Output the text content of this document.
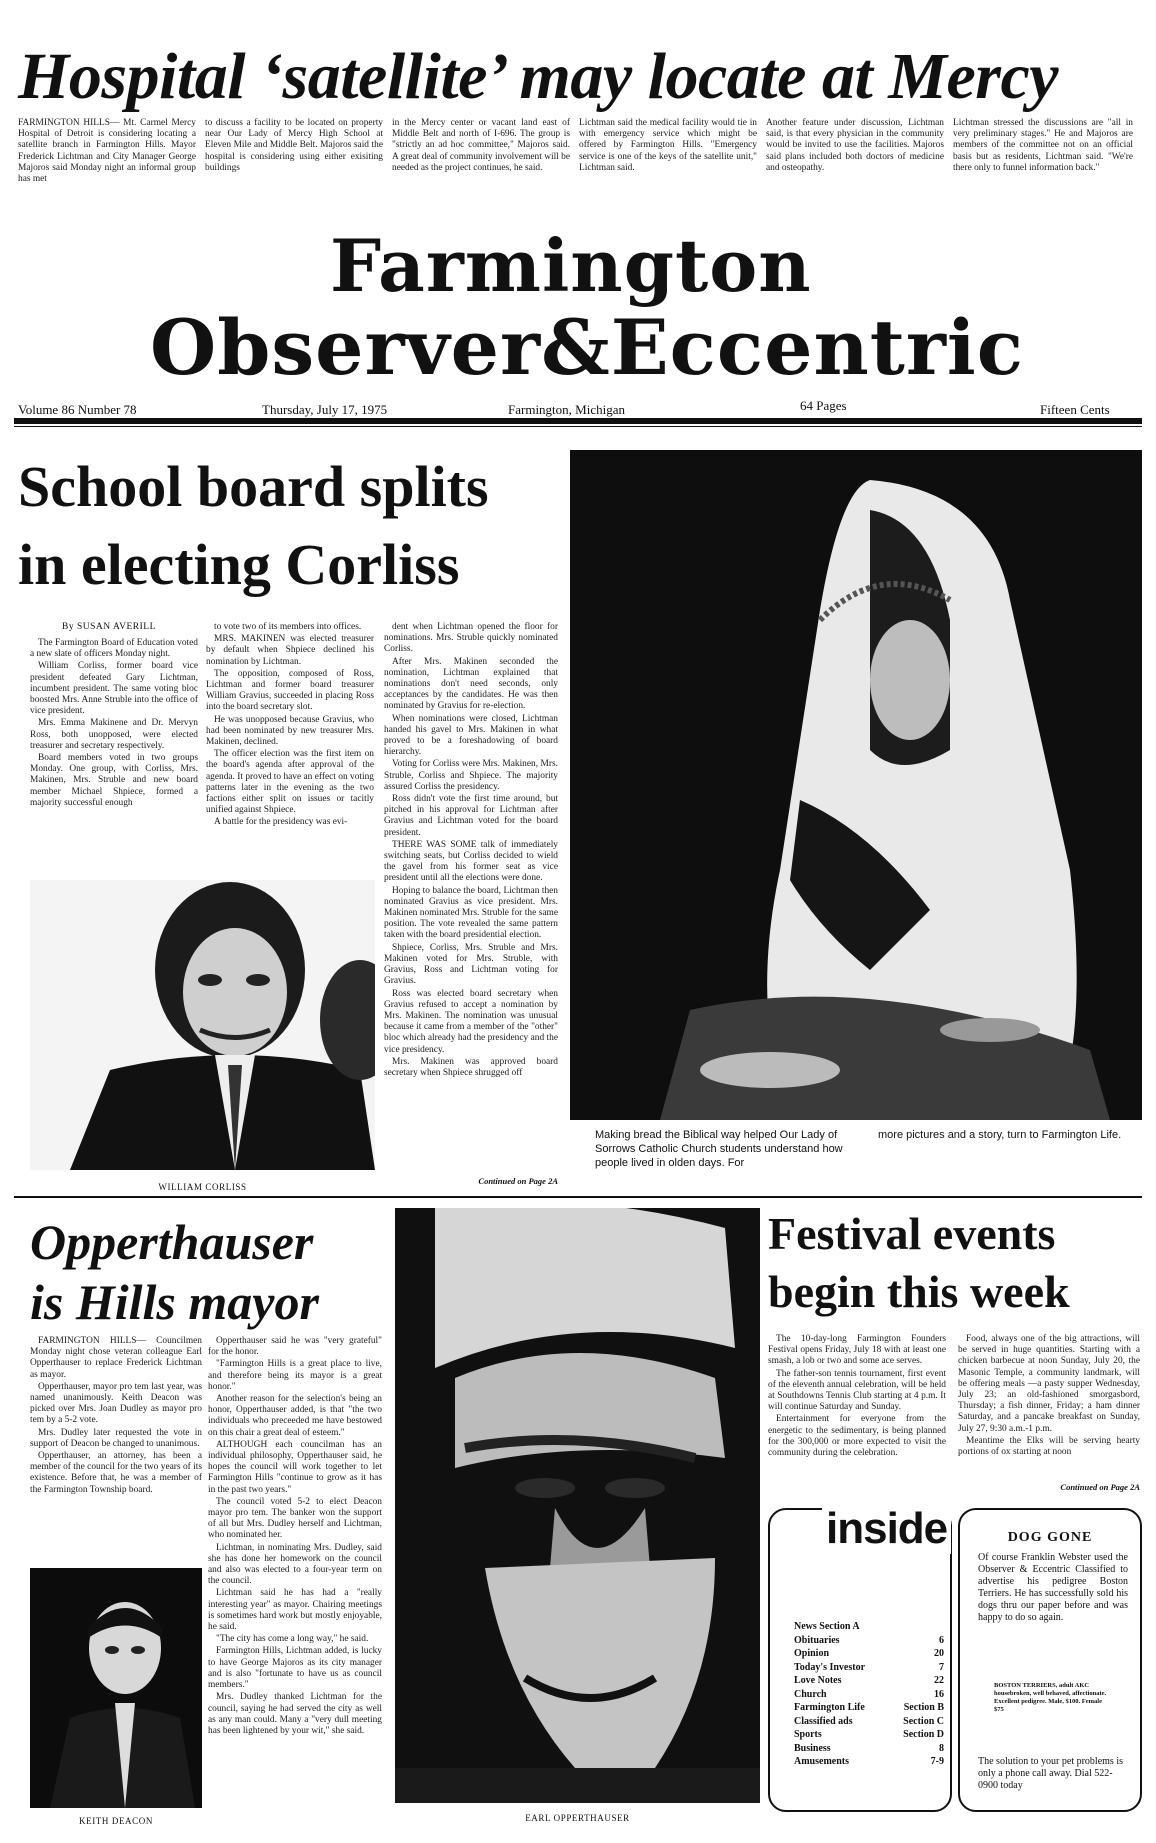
Hospital ‘satellite’ may locate at Mercy
FARMINGTON HILLS— Mt. Carmel Mercy Hospital of Detroit is considering locating a satellite branch in Farmington Hills. Mayor Frederick Lichtman and City Manager George Majoros said Monday night an informal group has met
to discuss a facility to be located on property near Our Lady of Mercy High School at Eleven Mile and Middle Belt. Majoros said the hospital is considering using either exisiting buildings
in the Mercy center or vacant land east of Middle Belt and north of I-696. The group is "strictly an ad hoc committee," Majoros said. A great deal of community involvement will be needed as the project continues, he said.
Lichtman said the medical facility would tie in with emergency service which might be offered by Farmington Hills. "Emergency service is one of the keys of the satellite unit," Lichtman said.
Another feature under discussion, Lichtman said, is that every physician in the community would be invited to use the facilities. Majoros said plans included both doctors of medicine and osteopathy.
Lichtman stressed the discussions are "all in very preliminary stages." He and Majoros are members of the committee not on an official basis but as residents, Lichtman said. "We're there only to funnel information back."
Farmington
Observer&Eccentric
Volume 86 Number 78	Thursday, July 17, 1975	Farmington, Michigan	64 Pages	Fifteen Cents
School board splits
in electing Corliss
By SUSAN AVERILL

The Farmington Board of Education voted a new slate of officers Monday night.

William Corliss, former board vice president defeated Gary Lichtman, incumbent president. The same voting bloc boosted Mrs. Anne Struble into the office of vice president.

Mrs. Emma Makinene and Dr. Mervyn Ross, both unopposed, were elected treasurer and secretary respectively.

Board members voted in two groups Monday. One group, with Corliss, Mrs. Makinen, Mrs. Struble and new board member Michael Shpiece, formed a majority successful enough

to vote two of its members into offices.

MRS. MAKINEN was elected treasurer by default when Shpiece declined his nomination by Lichtman.

The opposition, composed of Ross, Lichtman and former board treasurer William Gravius, succeeded in placing Ross into the board secretary slot.

He was unopposed because Gravius, who had been nominated by new treasurer Mrs. Makinen, declined.

The officer election was the first item on the board's agenda after approval of the agenda. It proved to have an effect on voting patterns later in the evening as the two factions either split on issues or tacitly unified against Shpiece.

A battle for the presidency was evi-

dent when Lichtman opened the floor for nominations. Mrs. Struble quickly nominated Corliss.

After Mrs. Makinen seconded the nomination, Lichtman explained that nominations don't need seconds, only acceptances by the candidates. He was then nominated by Gravius for re-election.

When nominations were closed, Lichtman handed his gavel to Mrs. Makinen in what proved to be a foreshadowing of board hierarchy.

Voting for Corliss were Mrs. Makinen, Mrs. Struble, Corliss and Shpiece. The majority assured Corliss the presidency.

Ross didn't vote the first time around, but pitched in his approval for Lichtman after Gravius and Lichtman voted for the board president.

THERE WAS SOME talk of immediately switching seats, but Corliss decided to wield the gavel from his former seat as vice president until all the elections were done.

Hoping to balance the board, Lichtman then nominated Gravius as vice president. Mrs. Makinen nominated Mrs. Struble for the same position. The vote revealed the same pattern taken with the board presidential election.

Shpiece, Corliss, Mrs. Struble and Mrs. Makinen voted for Mrs. Struble, with Gravius, Ross and Lichtman voting for Gravius.

Ross was elected board secretary when Gravius refused to accept a nomination by Mrs. Makinen. The nomination was unusual because it came from a member of the "other" bloc which already had the presidency and the vice presidency.

Mrs. Makinen was approved board secretary when Shpiece shrugged off

Continued on Page 2A
WILLIAM CORLISS
Making bread the Biblical way helped Our Lady of Sorrows Catholic Church students understand how people lived in olden days. For
more pictures and a story, turn to Farmington Life.
Opperthauser
is Hills mayor

FARMINGTON HILLS— Councilmen Monday night chose veteran colleague Earl Opperthauser to replace Frederick Lichtman as mayor.

Opperthauser, mayor pro tem last year, was named unanimously. Keith Deacon was picked over Mrs. Joan Dudley as mayor pro tem by a 5-2 vote.

Mrs. Dudley later requested the vote in support of Deacon be changed to unanimous.

Opperthauser, an attorney, has been a member of the council for the two years of its existence. Before that, he was a member of the Farmington Township board.

Opperthauser said he was "very grateful" for the honor.

"Farmington Hills is a great place to live, and therefore being its mayor is a great honor."

Another reason for the selection's being an honor, Opperthauser added, is that "the two individuals who preceeded me have bestowed on this chair a great deal of esteem."

ALTHOUGH each councilman has an individual philosophy, Opperthauser said, he hopes the council will work together to let Farmington Hills "continue to grow as it has in the past two years."

The council voted 5-2 to elect Deacon mayor pro tem. The banker won the support of all but Mrs. Dudley herself and Lichtman, who nominated her.

Lichtman, in nominating Mrs. Dudley, said she has done her homework on the council and also was elected to a four-year term on the council.

Lichtman said he has had a "really interesting year" as mayor. Chairing meetings is sometimes hard work but mostly enjoyable, he said.

"The city has come a long way," he said.

Farmington Hills, Lichtman added, is lucky to have George Majoros as its city manager and is also "fortunate to have us as council members."

Mrs. Dudley thanked Lichtman for the council, saying he had served the city as well as any man could. Many a "very dull meeting has been lightened by your wit," she said.

KEITH DEACON	EARL OPPERTHAUSER
Festival events
begin this week

The 10-day-long Farmington Founders Festival opens Friday, July 18 with at least one smash, a lob or two and some ace serves.

The father-son tennis tournament, first event of the eleventh annual celebration, will be held at Southdowns Tennis Club starting at 4 p.m. It will continue Saturday and Sunday.

Entertainment for everyone from the energetic to the sedimentary, is being planned for the 300,000 or more expected to visit the community during the celebration.

Food, always one of the big attractions, will be served in huge quantities. Starting with a chicken barbecue at noon Sunday, July 20, the Masonic Temple, a community landmark, will be offering meals —a pasty supper Wednesday, July 23; an old-fashioned smorgasbord, Thursday; a fish dinner, Friday; a ham dinner Saturday, and a pancake breakfast on Sunday, July 27, 9:30 a.m.-1 p.m.

Meantime the Elks will be serving hearty portions of ox starting at noon

Continued on Page 2A
inside
News Section A
Obituaries	6
Opinion	20
Today's Investor	7
Love Notes	22
Church	16
Farmington Life	Section B
Classified ads	Section C
Sports	Section D
Business	8
Amusements	7-9
DOG GONE
Of course Franklin Webster used the Observer & Eccentric Classified to advertise his pedigree Boston Terriers. He has successfully sold his dogs thru our paper before and was happy to do so again.
BOSTON TERRIERS, adult AKC housebroken, well behaved, affectionate. Excellent pedigree. Male, $100. Female $75
The solution to your pet problems is only a phone call away. Dial 522-0900 today
